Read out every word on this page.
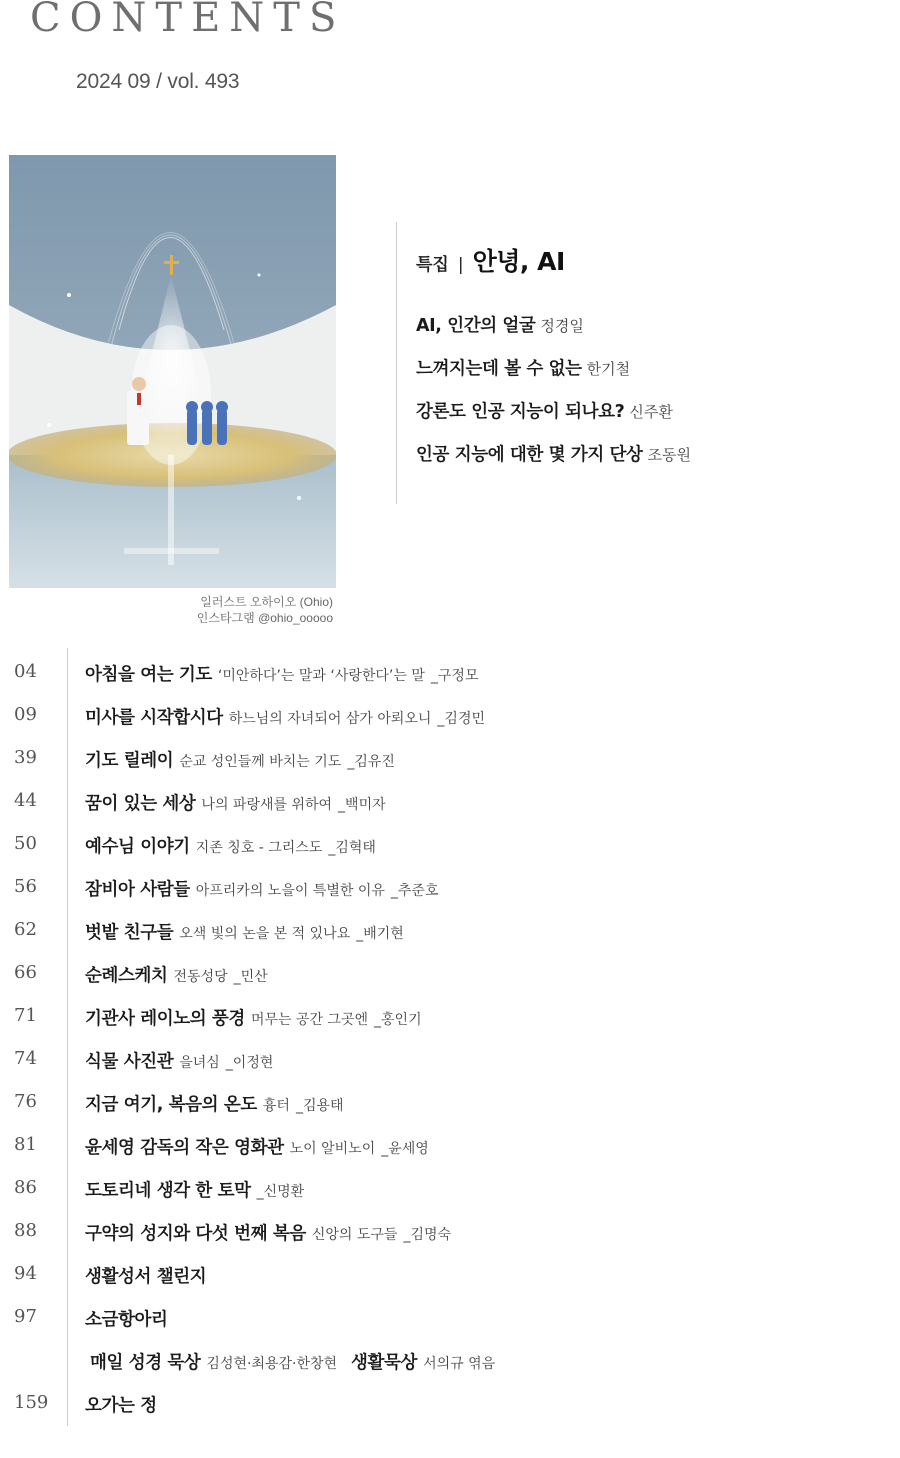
CONTENTS
2024 09 / vol. 493
일러스트 오하이오 (Ohio)
인스타그램 @ohio_ooooo
특집 | 안녕, AI
AI, 인간의 얼굴 정경일
느껴지는데 볼 수 없는 한기철
강론도 인공 지능이 되나요? 신주환
인공 지능에 대한 몇 가지 단상 조동원
04	아침을 여는 기도 ‘미안하다’는 말과 ‘사랑한다’는 말 _구정모
09	미사를 시작합시다 하느님의 자녀되어 삼가 아뢰오니 _김경민
39	기도 릴레이 순교 성인들께 바치는 기도 _김유진
44	꿈이 있는 세상 나의 파랑새를 위하여 _백미자
50	예수님 이야기 지존 칭호 - 그리스도 _김혁태
56	잠비아 사람들 아프리카의 노을이 특별한 이유 _추준호
62	벗밭 친구들 오색 빛의 논을 본 적 있나요 _배기현
66	순례스케치 전동성당 _민산
71	기관사 레이노의 풍경 머무는 공간 그곳엔 _홍인기
74	식물 사진관 을녀심 _이정현
76	지금 여기, 복음의 온도 흉터 _김용태
81	윤세영 감독의 작은 영화관 노이 알비노이 _윤세영
86	도토리네 생각 한 토막 _신명환
88	구약의 성지와 다섯 번째 복음 신앙의 도구들 _김명숙
94	생활성서 챌린지
97	소금항아리
매일 성경 묵상 김성현·최용감·한창현 생활묵상 서의규 엮음
159 오가는 정
